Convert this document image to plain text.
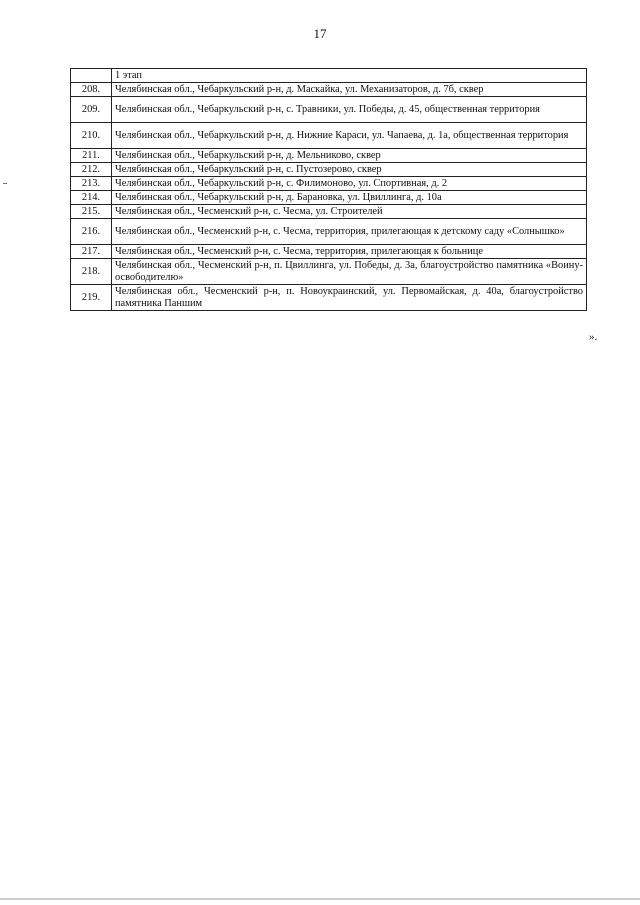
17
	1 этап
208.	Челябинская обл., Чебаркульский р-н, д. Маскайка, ул. Механизаторов, д. 7б, сквер
209.	Челябинская обл., Чебаркульский р-н, с. Травники, ул. Победы, д. 45, общественная территория
210.	Челябинская обл., Чебаркульский р-н, д. Нижние Караси, ул. Чапаева, д. 1а, общественная территория
211.	Челябинская обл., Чебаркульский р-н, д. Мельниково, сквер
212.	Челябинская обл., Чебаркульский р-н, с. Пустозерово, сквер
213.	Челябинская обл., Чебаркульский р-н, с. Филимоново, ул. Спортивная, д. 2
214.	Челябинская обл., Чебаркульский р-н, д. Барановка, ул. Цвиллинга, д. 10а
215.	Челябинская обл., Чесменский р-н, с. Чесма, ул. Строителей
216.	Челябинская обл., Чесменский р-н, с. Чесма, территория, прилегающая к детскому саду «Солнышко»
217.	Челябинская обл., Чесменский р-н, с. Чесма, территория, прилегающая к больнице
218.	Челябинская обл., Чесменский р-н, п. Цвиллинга, ул. Победы, д. 3а, благоустройство памятника «Воину-освободителю»
219.	Челябинская обл., Чесменский р-н, п. Новоукраинский, ул. Первомайская, д. 40а, благоустройство памятника Паншим
».
